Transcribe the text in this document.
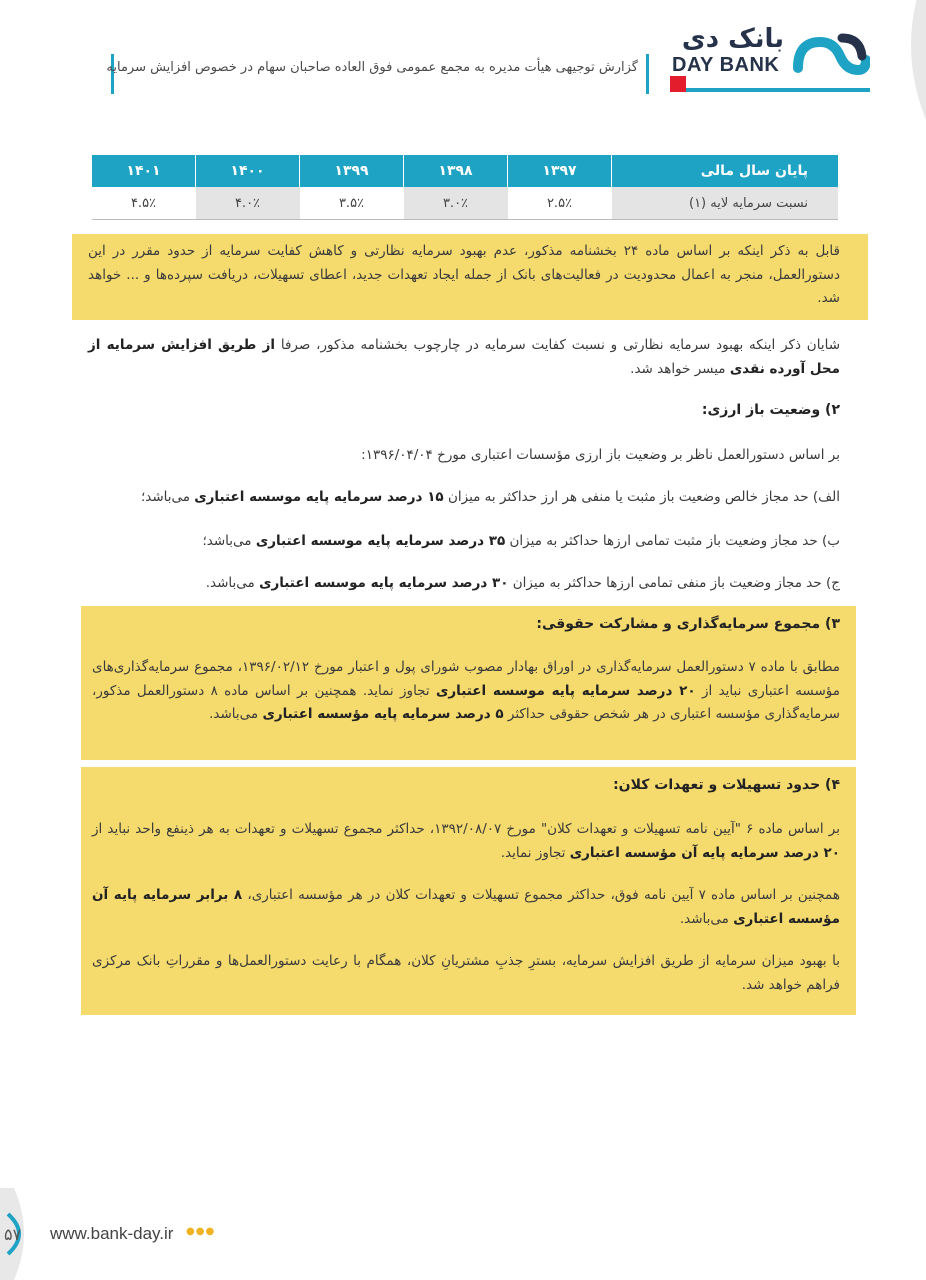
بانک دی
DAY BANK
گزارش توجیهی هیأت مدیره به مجمع عمومی فوق العاده صاحبان سهام در خصوص افزایش سرمایه
پایان سال مالی	۱۳۹۷	۱۳۹۸	۱۳۹۹	۱۴۰۰	۱۴۰۱
نسبت سرمایه لایه (۱)	۲.۵٪	۳.۰٪	۳.۵٪	۴.۰٪	۴.۵٪
قابل به ذکر اینکه بر اساس ماده ۲۴ بخشنامه مذکور، عدم بهبود سرمایه نظارتی و کاهش کفایت سرمایه از حدود مقرر در این دستورالعمل، منجر به اعمال محدودیت در فعالیت‌های بانک از جمله ایجاد تعهدات جدید، اعطای تسهیلات، دریافت سپرده‌ها و ... خواهد شد.
شایان ذکر اینکه بهبود سرمایه نظارتی و نسبت کفایت سرمایه در چارچوب بخشنامه مذکور، صرفا از طریق افزایش سرمایه از محل آورده نقدی میسر خواهد شد.
۲) وضعیت باز ارزی:
بر اساس دستورالعمل ناظر بر وضعیت باز ارزی مؤسسات اعتباری مورخ ۱۳۹۶/۰۴/۰۴:
الف) حد مجاز خالص وضعیت باز مثبت یا منفی هر ارز حداکثر به میزان ۱۵ درصد سرمایه پایه موسسه اعتباری می‌باشد؛
ب) حد مجاز وضعیت باز مثبت تمامی ارزها حداکثر به میزان ۳۵ درصد سرمایه پایه موسسه اعتباری می‌باشد؛
ج) حد مجاز وضعیت باز منفی تمامی ارزها حداکثر به میزان ۳۰ درصد سرمایه پایه موسسه اعتباری می‌باشد.
۳) مجموع سرمایه‌گذاری و مشارکت حقوقی:
مطابق با ماده ۷ دستورالعمل سرمایه‌گذاری در اوراق بهادار مصوب شورای پول و اعتبار مورخ ۱۳۹۶/۰۲/۱۲، مجموع سرمایه‌گذاری‌های مؤسسه اعتباری نباید از ۲۰ درصد سرمایه پایه موسسه اعتباری تجاوز نماید. همچنین بر اساس ماده ۸ دستورالعمل مذکور، سرمایه‌گذاری مؤسسه اعتباری در هر شخص حقوقی حداکثر ۵ درصد سرمایه پایه مؤسسه اعتباری می‌باشد.
۴) حدود تسهیلات و تعهدات کلان:
بر اساس ماده ۶ "آیین نامه تسهیلات و تعهدات کلان" مورخ ۱۳۹۲/۰۸/۰۷، حداکثر مجموع تسهیلات و تعهدات به هر ذینفع واحد نباید از ۲۰ درصد سرمایه پایه آن مؤسسه اعتباری تجاوز نماید.
همچنین بر اساس ماده ۷ آیین نامه فوق، حداکثر مجموع تسهیلات و تعهدات کلان در هر مؤسسه اعتباری، ۸ برابر سرمایه پایه آن مؤسسه اعتباری می‌باشد.
با بهبود میزان سرمایه از طریق افزایش سرمایه، بسترِ جذبِ مشتریانِ کلان، همگام با رعایت دستورالعمل‌ها و مقرراتِ بانک مرکزی فراهم خواهد شد.
۵۷ www.bank-day.ir ●●●
